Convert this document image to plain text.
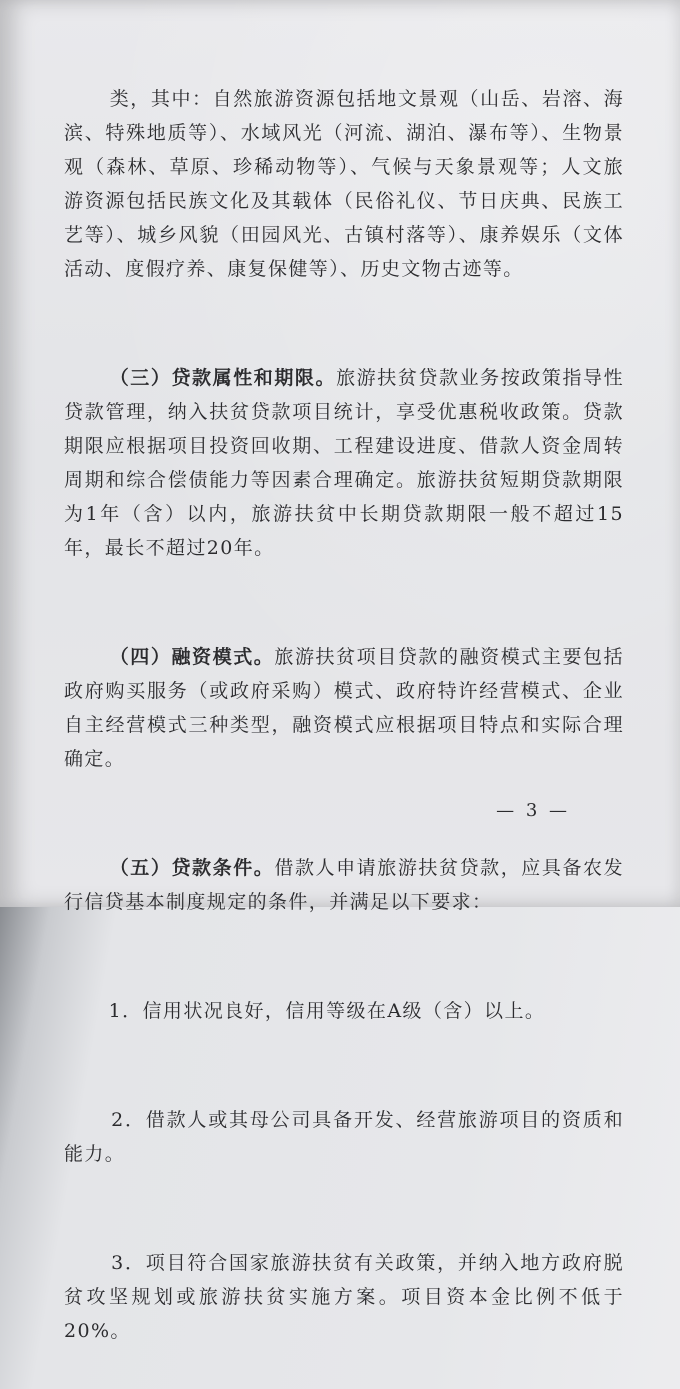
类，其中：自然旅游资源包括地文景观（山岳、岩溶、海滨、特殊地质等）、水域风光（河流、湖泊、瀑布等）、生物景观（森林、草原、珍稀动物等）、气候与天象景观等；人文旅游资源包括民族文化及其载体（民俗礼仪、节日庆典、民族工艺等）、城乡风貌（田园风光、古镇村落等）、康养娱乐（文体活动、度假疗养、康复保健等）、历史文物古迹等。

（三）贷款属性和期限。旅游扶贫贷款业务按政策指导性贷款管理，纳入扶贫贷款项目统计，享受优惠税收政策。贷款期限应根据项目投资回收期、工程建设进度、借款人资金周转周期和综合偿债能力等因素合理确定。旅游扶贫短期贷款期限为1年（含）以内，旅游扶贫中长期贷款期限一般不超过15年，最长不超过20年。

（四）融资模式。旅游扶贫项目贷款的融资模式主要包括政府购买服务（或政府采购）模式、政府特许经营模式、企业自主经营模式三种类型，融资模式应根据项目特点和实际合理确定。

（五）贷款条件。借款人申请旅游扶贫贷款，应具备农发行信贷基本制度规定的条件，并满足以下要求：

1．信用状况良好，信用等级在A级（含）以上。

2．借款人或其母公司具备开发、经营旅游项目的资质和能力。

3．项目符合国家旅游扶贫有关政策，并纳入地方政府脱贫攻坚规划或旅游扶贫实施方案。项目资本金比例不低于20%。

— 3 —
